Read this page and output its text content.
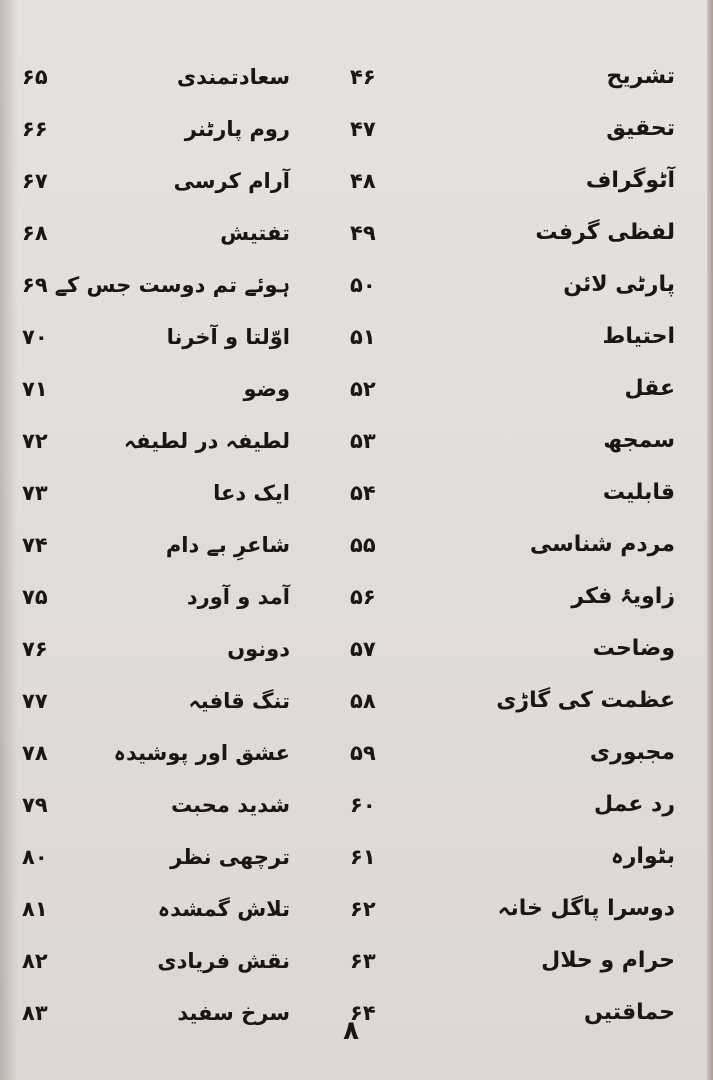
تشریح
۴۶
سعادتمندی
۶۵
تحقیق
۴۷
روم پارٹنر
۶۶
آٹوگراف
۴۸
آرام کرسی
۶۷
لفظی گرفت
۴۹
تفتیش
۶۸
پارٹی لائن
۵۰
ہوئے تم دوست جس کے
۶۹
احتیاط
۵۱
اوّلتا و آخرنا
۷۰
عقل
۵۲
وضو
۷۱
سمجھ
۵۳
لطیفہ در لطیفہ
۷۲
قابلیت
۵۴
ایک دعا
۷۳
مردم شناسی
۵۵
شاعرِ بے دام
۷۴
زاویۂ فکر
۵۶
آمد و آورد
۷۵
وضاحت
۵۷
دونوں
۷۶
عظمت کی گاڑی
۵۸
تنگ قافیہ
۷۷
مجبوری
۵۹
عشق اور پوشیدہ
۷۸
رد عمل
۶۰
شدید محبت
۷۹
بٹوارہ
۶۱
ترچھی نظر
۸۰
دوسرا پاگل خانہ
۶۲
تلاش گمشدہ
۸۱
حرام و حلال
۶۳
نقش فریادی
۸۲
حماقتیں
۶۴
سرخ سفید
۸۳
۸
